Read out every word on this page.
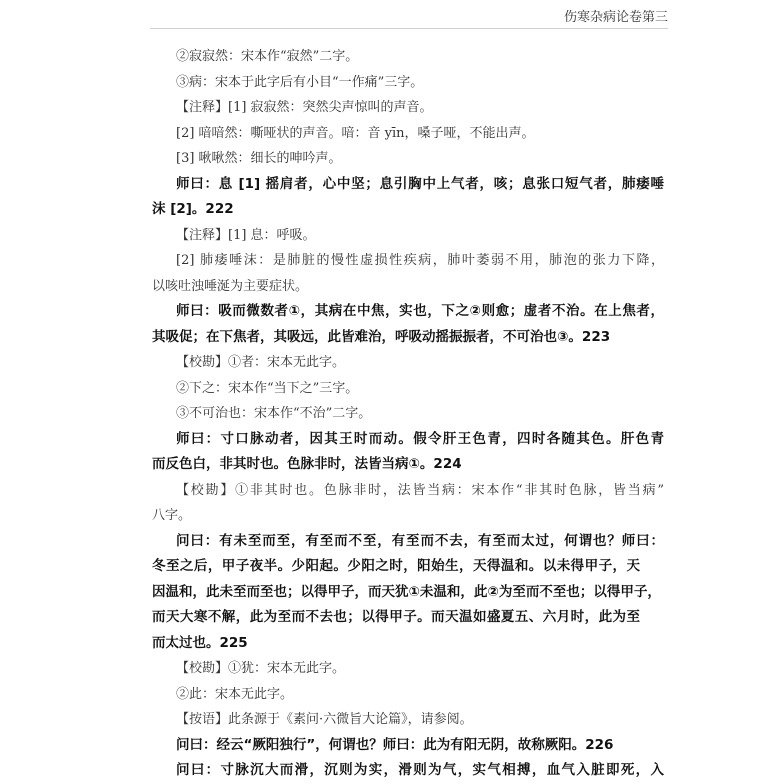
伤寒杂病论卷第三
②寂寂然：宋本作“寂然”二字。
③病：宋本于此字后有小目“一作痛”三字。
【注释】[1] 寂寂然：突然尖声惊叫的声音。
[2] 喑喑然：嘶哑状的声音。喑：音 yīn，嗓子哑，不能出声。
[3] 啾啾然：细长的呻吟声。
师曰：息 [1] 摇肩者，心中坚；息引胸中上气者，咳；息张口短气者，肺痿唾
沫 [2]。222
【注释】[1] 息：呼吸。
[2] 肺痿唾沫：是肺脏的慢性虚损性疾病，肺叶萎弱不用，肺泡的张力下降，
以咳吐浊唾涎为主要症状。
师曰：吸而微数者①，其病在中焦，实也，下之②则愈；虚者不治。在上焦者，
其吸促；在下焦者，其吸远，此皆难治，呼吸动摇振振者，不可治也③。223
【校勘】①者：宋本无此字。
②下之：宋本作“当下之”三字。
③不可治也：宋本作“不治”二字。
师曰：寸口脉动者，因其王时而动。假令肝王色青，四时各随其色。肝色青
而反色白，非其时也。色脉非时，法皆当病①。224
【校勘】①非其时也。色脉非时，法皆当病：宋本作“非其时色脉，皆当病”
八字。
问曰：有未至而至，有至而不至，有至而不去，有至而太过，何谓也？师曰：
冬至之后，甲子夜半。少阳起。少阳之时，阳始生，天得温和。以未得甲子，天
因温和，此未至而至也；以得甲子，而天犹①未温和，此②为至而不至也；以得甲子，
而天大寒不解，此为至而不去也；以得甲子。而天温如盛夏五、六月时，此为至
而太过也。225
【校勘】①犹：宋本无此字。
②此：宋本无此字。
【按语】此条源于《素问·六微旨大论篇》，请参阅。
问曰：经云“厥阳独行”，何谓也？师曰：此为有阳无阴，故称厥阳。226
问曰：寸脉沉大而滑，沉则为实，滑则为气，实气相搏，血气入脏即死，入
